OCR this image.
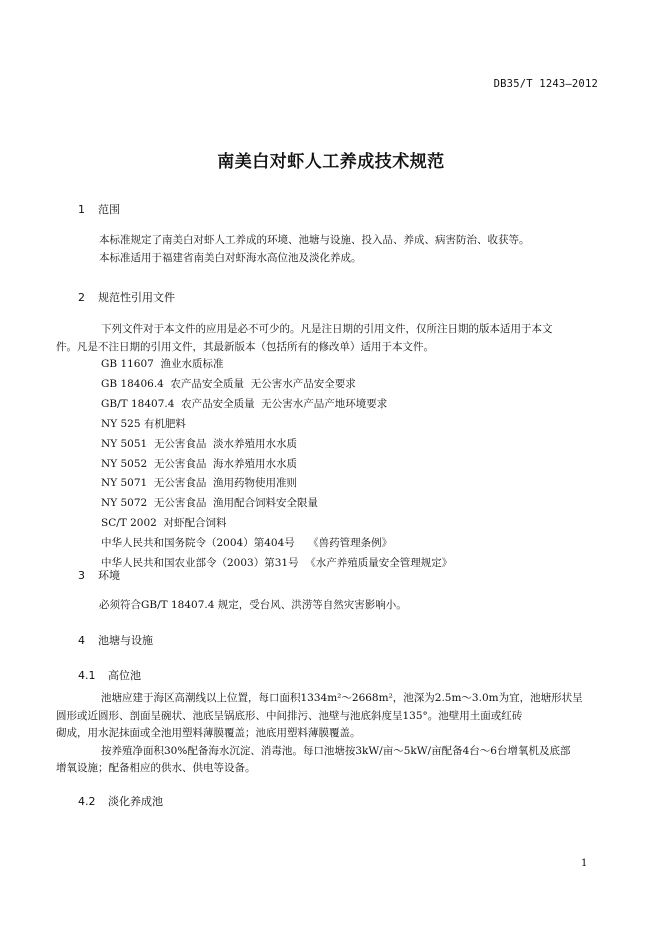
DB35/T 1243—2012
南美白对虾人工养成技术规范
1 范围

本标准规定了南美白对虾人工养成的环境、池塘与设施、投入品、养成、病害防治、收获等。

本标准适用于福建省南美白对虾海水高位池及淡化养成。

2 规范性引用文件

下列文件对于本文件的应用是必不可少的。凡是注日期的引用文件，仅所注日期的版本适用于本文

件。凡是不注日期的引用文件，其最新版本（包括所有的修改单）适用于本文件。

GB 11607  渔业水质标准
GB 18406.4  农产品安全质量  无公害水产品安全要求
GB/T 18407.4  农产品安全质量  无公害水产品产地环境要求
NY 525 有机肥料
NY 5051  无公害食品  淡水养殖用水水质
NY 5052  无公害食品  海水养殖用水水质
NY 5071  无公害食品  渔用药物使用准则
NY 5072  无公害食品  渔用配合饲料安全限量
SC/T 2002  对虾配合饲料
中华人民共和国务院令（2004）第404号    《兽药管理条例》
中华人民共和国农业部令（2003）第31号  《水产养殖质量安全管理规定》
3 环境

必须符合GB/T 18407.4 规定，受台风、洪涝等自然灾害影响小。

4 池塘与设施
4.1 高位池

池塘应建于海区高潮线以上位置，每口面积1334m²～2668m²，池深为2.5m～3.0m为宜，池塘形状呈

圆形或近圆形、剖面呈碗状、池底呈锅底形、中间排污、池壁与池底斜度呈135°。池壁用土面或红砖

砌成，用水泥抹面或全池用塑料薄膜覆盖；池底用塑料薄膜覆盖。

按养殖净面积30%配备海水沉淀、消毒池。每口池塘按3kW/亩～5kW/亩配备4台～6台增氧机及底部

增氧设施；配备相应的供水、供电等设备。

4.2 淡化养成池
1
